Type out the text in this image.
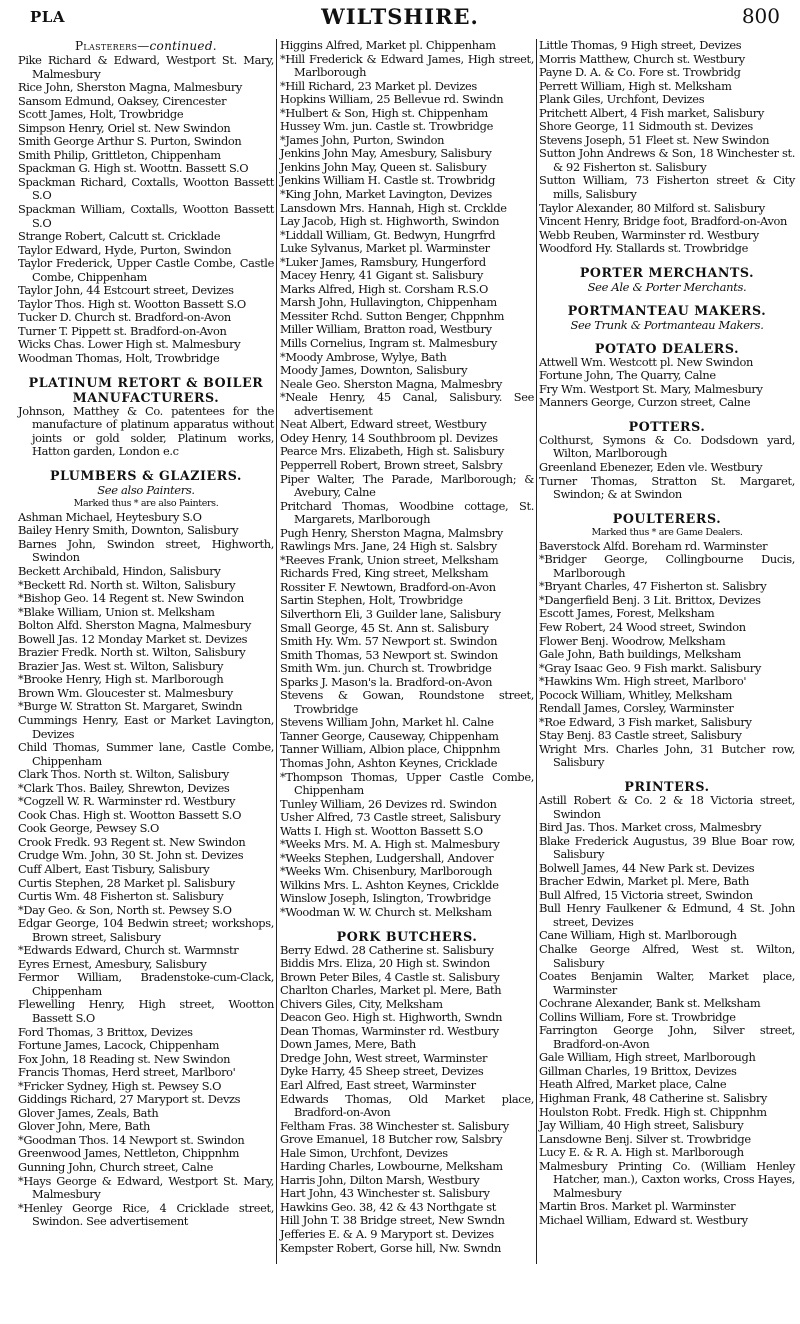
PLA	WILTSHIRE.	800
Plasterers—continued.
Pike Richard & Edward, Westport St. Mary, Malmesbury
Rice John, Sherston Magna, Malmesbury
Sansom Edmund, Oaksey, Cirencester
Scott James, Holt, Trowbridge
Simpson Henry, Oriel st. New Swindon
Smith George Arthur S. Purton, Swindon
Smith Philip, Grittleton, Chippenham
Spackman G. High st. Woottn. Bassett S.O
Spackman Richard, Coxtalls, Wootton Bassett S.O
Spackman William, Coxtalls, Wootton Bassett S.O
Strange Robert, Calcutt st. Cricklade
Taylor Edward, Hyde, Purton, Swindon
Taylor Frederick, Upper Castle Combe, Castle Combe, Chippenham
Taylor John, 44 Estcourt street, Devizes
Taylor Thos. High st. Wootton Bassett S.O
Tucker D. Church st. Bradford-on-Avon
Turner T. Pippett st. Bradford-on-Avon
Wicks Chas. Lower High st. Malmesbury
Woodman Thomas, Holt, Trowbridge
PLATINUM RETORT & BOILER MANUFACTURERS.
Johnson, Matthey & Co. patentees for the manufacture of platinum apparatus without joints or gold solder, Platinum works, Hatton garden, London e.c
PLUMBERS & GLAZIERS.
See also Painters.
Marked thus * are also Painters.
Ashman Michael, Heytesbury S.O
Bailey Henry Smith, Downton, Salisbury
Barnes John, Swindon street, Highworth, Swindon
Beckett Archibald, Hindon, Salisbury
*Beckett Rd. North st. Wilton, Salisbury
*Bishop Geo. 14 Regent st. New Swindon
*Blake William, Union st. Melksham
Bolton Alfd. Sherston Magna, Malmesbury
Bowell Jas. 12 Monday Market st. Devizes
Brazier Fredk. North st. Wilton, Salisbury
Brazier Jas. West st. Wilton, Salisbury
*Brooke Henry, High st. Marlborough
Brown Wm. Gloucester st. Malmesbury
*Burge W. Stratton St. Margaret, Swindn
Cummings Henry, East or Market Lavington, Devizes
Child Thomas, Summer lane, Castle Combe, Chippenham
Clark Thos. North st. Wilton, Salisbury
*Clark Thos. Bailey, Shrewton, Devizes
*Cogzell W. R. Warminster rd. Westbury
Cook Chas. High st. Wootton Bassett S.O
Cook George, Pewsey S.O
Crook Fredk. 93 Regent st. New Swindon
Crudge Wm. John, 30 St. John st. Devizes
Cuff Albert, East Tisbury, Salisbury
Curtis Stephen, 28 Market pl. Salisbury
Curtis Wm. 48 Fisherton st. Salisbury
*Day Geo. & Son, North st. Pewsey S.O
Edgar George, 104 Bedwin street; workshops, Brown street, Salisbury
*Edwards Edward, Church st. Warmnstr
Eyres Ernest, Amesbury, Salisbury
Fermor William, Bradenstoke-cum-Clack, Chippenham
Flewelling Henry, High street, Wootton Bassett S.O
Ford Thomas, 3 Brittox, Devizes
Fortune James, Lacock, Chippenham
Fox John, 18 Reading st. New Swindon
Francis Thomas, Herd street, Marlboro'
*Fricker Sydney, High st. Pewsey S.O
Giddings Richard, 27 Maryport st. Devzs
Glover James, Zeals, Bath
Glover John, Mere, Bath
*Goodman Thos. 14 Newport st. Swindon
Greenwood James, Nettleton, Chippnhm
Gunning John, Church street, Calne
*Hays George & Edward, Westport St. Mary, Malmesbury
*Henley George Rice, 4 Cricklade street, Swindon. See advertisement
Higgins Alfred, Market pl. Chippenham
*Hill Frederick & Edward James, High street, Marlborough
*Hill Richard, 23 Market pl. Devizes
Hopkins William, 25 Bellevue rd. Swindn
*Hulbert & Son, High st. Chippenham
Hussey Wm. jun. Castle st. Trowbridge
*James John, Purton, Swindon
Jenkins John May, Amesbury, Salisbury
Jenkins John May, Queen st. Salisbury
Jenkins William H. Castle st. Trowbridg
*King John, Market Lavington, Devizes
Lansdown Mrs. Hannah, High st. Crcklde
Lay Jacob, High st. Highworth, Swindon
*Liddall William, Gt. Bedwyn, Hungrfrd
Luke Sylvanus, Market pl. Warminster
*Luker James, Ramsbury, Hungerford
Macey Henry, 41 Gigant st. Salisbury
Marks Alfred, High st. Corsham R.S.O
Marsh John, Hullavington, Chippenham
Messiter Rchd. Sutton Benger, Chppnhm
Miller William, Bratton road, Westbury
Mills Cornelius, Ingram st. Malmesbury
*Moody Ambrose, Wylye, Bath
Moody James, Downton, Salisbury
Neale Geo. Sherston Magna, Malmesbry
*Neale Henry, 45 Canal, Salisbury. See advertisement
Neat Albert, Edward street, Westbury
Odey Henry, 14 Southbroom pl. Devizes
Pearce Mrs. Elizabeth, High st. Salisbury
Pepperrell Robert, Brown street, Salsbry
Piper Walter, The Parade, Marlborough; & Avebury, Calne
Pritchard Thomas, Woodbine cottage, St. Margarets, Marlborough
Pugh Henry, Sherston Magna, Malmsbry
Rawlings Mrs. Jane, 24 High st. Salsbry
*Reeves Frank, Union street, Melksham
Richards Fred, King street, Melksham
Rossiter F. Newtown, Bradford-on-Avon
Sartin Stephen, Holt, Trowbridge
Silverthorn Eli, 3 Guilder lane, Salisbury
Small George, 45 St. Ann st. Salisbury
Smith Hy. Wm. 57 Newport st. Swindon
Smith Thomas, 53 Newport st. Swindon
Smith Wm. jun. Church st. Trowbridge
Sparks J. Mason's la. Bradford-on-Avon
Stevens & Gowan, Roundstone street, Trowbridge
Stevens William John, Market hl. Calne
Tanner George, Causeway, Chippenham
Tanner William, Albion place, Chippnhm
Thomas John, Ashton Keynes, Cricklade
*Thompson Thomas, Upper Castle Combe, Chippenham
Tunley William, 26 Devizes rd. Swindon
Usher Alfred, 73 Castle street, Salisbury
Watts I. High st. Wootton Bassett S.O
*Weeks Mrs. M. A. High st. Malmesbury
*Weeks Stephen, Ludgershall, Andover
*Weeks Wm. Chisenbury, Marlborough
Wilkins Mrs. L. Ashton Keynes, Cricklde
Winslow Joseph, Islington, Trowbridge
*Woodman W. W. Church st. Melksham
PORK BUTCHERS.
Berry Edwd. 28 Catherine st. Salisbury
Biddis Mrs. Eliza, 20 High st. Swindon
Brown Peter Biles, 4 Castle st. Salisbury
Charlton Charles, Market pl. Mere, Bath
Chivers Giles, City, Melksham
Deacon Geo. High st. Highworth, Swndn
Dean Thomas, Warminster rd. Westbury
Down James, Mere, Bath
Dredge John, West street, Warminster
Dyke Harry, 45 Sheep street, Devizes
Earl Alfred, East street, Warminster
Edwards Thomas, Old Market place, Bradford-on-Avon
Feltham Fras. 38 Winchester st. Salisbury
Grove Emanuel, 18 Butcher row, Salsbry
Hale Simon, Urchfont, Devizes
Harding Charles, Lowbourne, Melksham
Harris John, Dilton Marsh, Westbury
Hart John, 43 Winchester st. Salisbury
Hawkins Geo. 38, 42 & 43 Northgate st
Hill John T. 38 Bridge street, New Swndn
Jefferies E. & A. 9 Maryport st. Devizes
Kempster Robert, Gorse hill, Nw. Swndn
Little Thomas, 9 High street, Devizes
Morris Matthew, Church st. Westbury
Payne D. A. & Co. Fore st. Trowbridg
Perrett William, High st. Melksham
Plank Giles, Urchfont, Devizes
Pritchett Albert, 4 Fish market, Salisbury
Shore George, 11 Sidmouth st. Devizes
Stevens Joseph, 51 Fleet st. New Swindon
Sutton John Andrews & Son, 18 Winchester st. & 92 Fisherton st. Salisbury
Sutton William, 73 Fisherton street & City mills, Salisbury
Taylor Alexander, 80 Milford st. Salisbury
Vincent Henry, Bridge foot, Bradford-on-Avon
Webb Reuben, Warminster rd. Westbury
Woodford Hy. Stallards st. Trowbridge
PORTER MERCHANTS.
See Ale & Porter Merchants.
PORTMANTEAU MAKERS.
See Trunk & Portmanteau Makers.
POTATO DEALERS.
Attwell Wm. Westcott pl. New Swindon
Fortune John, The Quarry, Calne
Fry Wm. Westport St. Mary, Malmesbury
Manners George, Curzon street, Calne
POTTERS.
Colthurst, Symons & Co. Dodsdown yard, Wilton, Marlborough
Greenland Ebenezer, Eden vle. Westbury
Turner Thomas, Stratton St. Margaret, Swindon; & at Swindon
POULTERERS.
Marked thus * are Game Dealers.
Baverstock Alfd. Boreham rd. Warminster
*Bridger George, Collingbourne Ducis, Marlborough
*Bryant Charles, 47 Fisherton st. Salisbry
*Dangerfield Benj. 3 Lit. Brittox, Devizes
Escott James, Forest, Melksham
Few Robert, 24 Wood street, Swindon
Flower Benj. Woodrow, Melksham
Gale John, Bath buildings, Melksham
*Gray Isaac Geo. 9 Fish markt. Salisbury
*Hawkins Wm. High street, Marlboro'
Pocock William, Whitley, Melksham
Rendall James, Corsley, Warminster
*Roe Edward, 3 Fish market, Salisbury
Stay Benj. 83 Castle street, Salisbury
Wright Mrs. Charles John, 31 Butcher row, Salisbury
PRINTERS.
Astill Robert & Co. 2 & 18 Victoria street, Swindon
Bird Jas. Thos. Market cross, Malmesbry
Blake Frederick Augustus, 39 Blue Boar row, Salisbury
Bolwell James, 44 New Park st. Devizes
Bracher Edwin, Market pl. Mere, Bath
Bull Alfred, 15 Victoria street, Swindon
Bull Henry Faulkener & Edmund, 4 St. John street, Devizes
Cane William, High st. Marlborough
Chalke George Alfred, West st. Wilton, Salisbury
Coates Benjamin Walter, Market place, Warminster
Cochrane Alexander, Bank st. Melksham
Collins William, Fore st. Trowbridge
Farrington George John, Silver street, Bradford-on-Avon
Gale William, High street, Marlborough
Gillman Charles, 19 Brittox, Devizes
Heath Alfred, Market place, Calne
Highman Frank, 48 Catherine st. Salisbry
Houlston Robt. Fredk. High st. Chippnhm
Jay William, 40 High street, Salisbury
Lansdowne Benj. Silver st. Trowbridge
Lucy E. & R. A. High st. Marlborough
Malmesbury Printing Co. (William Henley Hatcher, man.), Caxton works, Cross Hayes, Malmesbury
Martin Bros. Market pl. Warminster
Michael William, Edward st. Westbury
